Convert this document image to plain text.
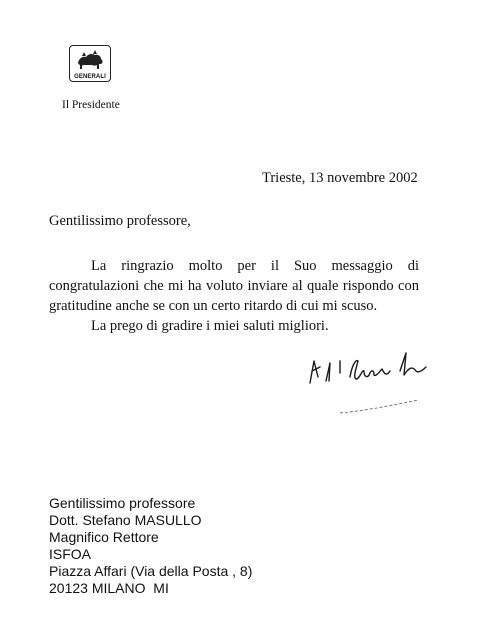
GENERALI
Il Presidente
Trieste, 13 novembre 2002
Gentilissimo professore,

La ringrazio molto per il Suo messaggio di congratulazioni che mi ha voluto inviare al quale rispondo con gratitudine anche se con un certo ritardo di cui mi scuso.

La prego di gradire i miei saluti migliori.
Gentilissimo professore
Dott. Stefano MASULLO
Magnifico Rettore
ISFOA
Piazza Affari (Via della Posta , 8)
20123 MILANO  MI
